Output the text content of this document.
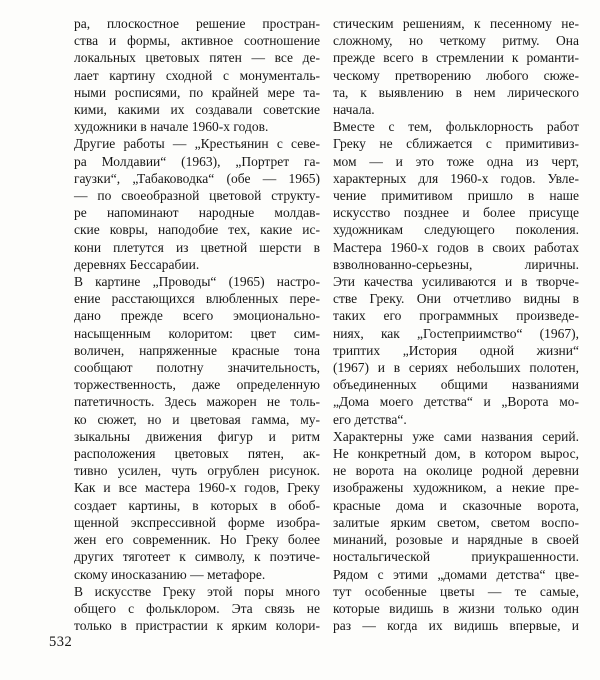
ра, плоскостное решение простран-
ства и формы, активное соотношение
локальных цветовых пятен — все де-
лает картину сходной с монументаль-
ными росписями, по крайней мере та-
кими, какими их создавали советские
художники в начале 1960-х годов.
Другие работы — „Крестьянин с севе-
ра Молдавии“ (1963), „Портрет га-
гаузки“, „Табаководка“ (обе — 1965)
— по своеобразной цветовой структу-
ре напоминают народные молдав-
ские ковры, наподобие тех, какие ис-
кони плетутся из цветной шерсти в
деревнях Бессарабии.
В картине „Проводы“ (1965) настро-
ение расстающихся влюбленных пере-
дано прежде всего эмоционально-
насыщенным колоритом: цвет сим-
воличен, напряженные красные тона
сообщают полотну значительность,
торжественность, даже определенную
патетичность. Здесь мажорен не толь-
ко сюжет, но и цветовая гамма, му-
зыкальны движения фигур и ритм
расположения цветовых пятен, ак-
тивно усилен, чуть огрублен рисунок.
Как и все мастера 1960-х годов, Греку
создает картины, в которых в обоб-
щенной экспрессивной форме изобра-
жен его современник. Но Греку более
других тяготеет к символу, к поэтиче-
скому иносказанию — метафоре.
В искусстве Греку этой поры много
общего с фольклором. Эта связь не
только в пристрастии к ярким колори-
стическим решениям, к песенному не-
сложному, но четкому ритму. Она
прежде всего в стремлении к романти-
ческому претворению любого сюже-
та, к выявлению в нем лирического
начала.
Вместе с тем, фольклорность работ
Греку не сближается с примитивиз-
мом — и это тоже одна из черт,
характерных для 1960-х годов. Увле-
чение примитивом пришло в наше
искусство позднее и более присуще
художникам следующего поколения.
Мастера 1960-х годов в своих работах
взволнованно-серьезны, лиричны.
Эти качества усиливаются и в творче-
стве Греку. Они отчетливо видны в
таких его программных произведе-
ниях, как „Гостеприимство“ (1967),
триптих „История одной жизни“
(1967) и в сериях небольших полотен,
объединенных общими названиями
„Дома моего детства“ и „Ворота мо-
его детства“.
Характерны уже сами названия серий.
Не конкретный дом, в котором вырос,
не ворота на околице родной деревни
изображены художником, а некие пре-
красные дома и сказочные ворота,
залитые ярким светом, светом воспо-
минаний, розовые и нарядные в своей
ностальгической приукрашенности.
Рядом с этими „домами детства“ цве-
тут особенные цветы — те самые,
которые видишь в жизни только один
раз — когда их видишь впервые, и
532
